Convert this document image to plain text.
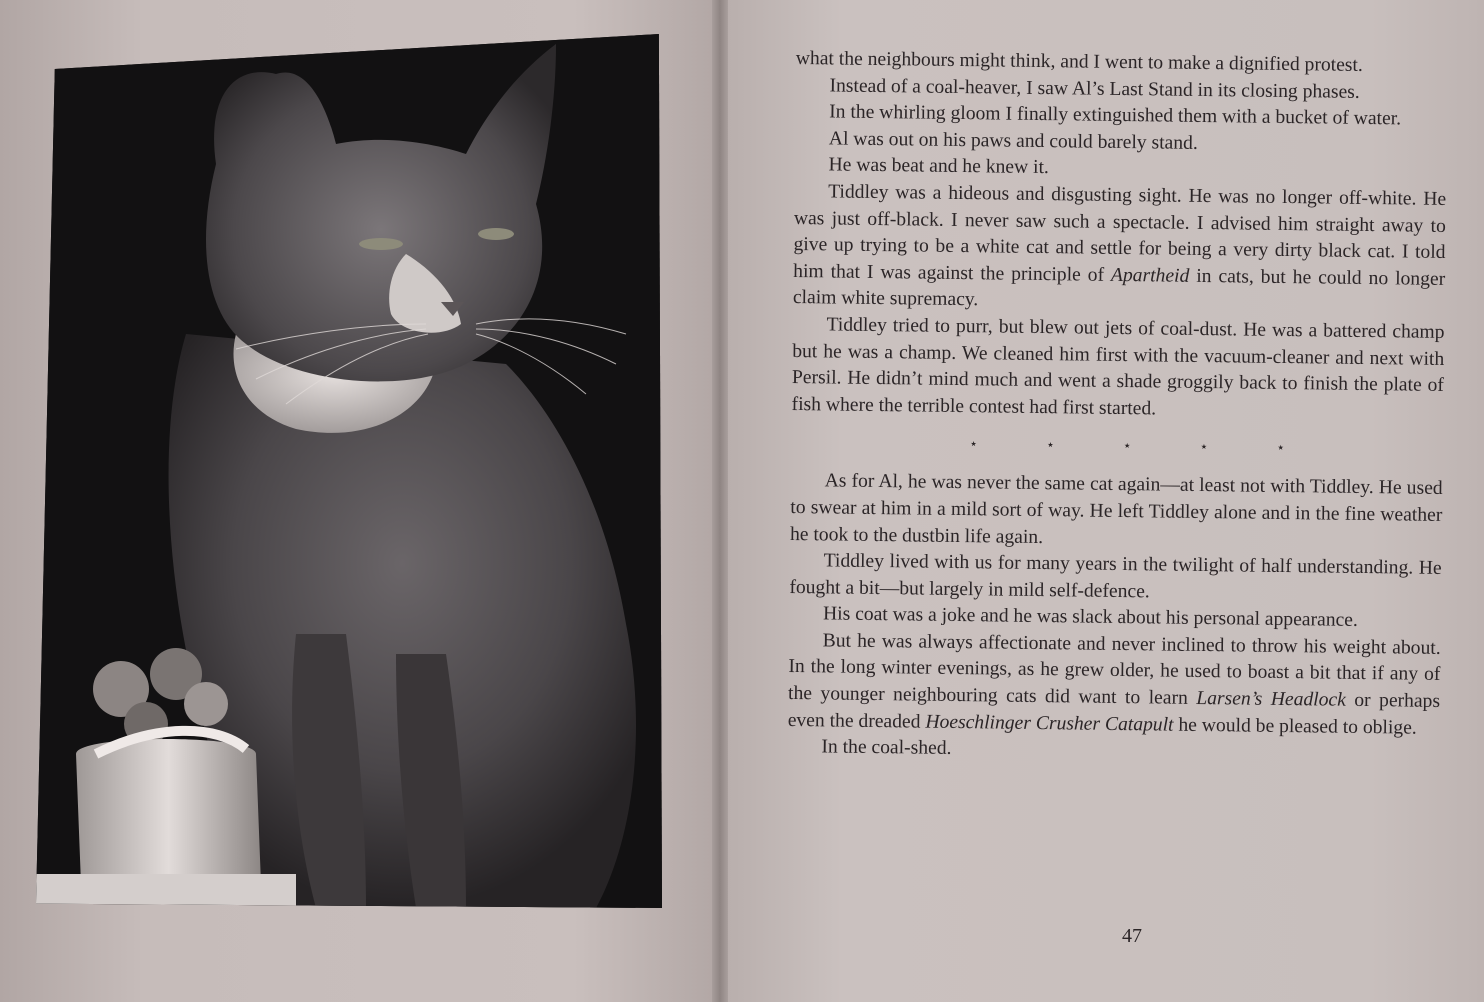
what the neighbours might think, and I went to make a dignified protest.

Instead of a coal-heaver, I saw Al’s Last Stand in its closing phases.

In the whirling gloom I finally extinguished them with a bucket of water.

Al was out on his paws and could barely stand.

He was beat and he knew it.

Tiddley was a hideous and disgusting sight. He was no longer off-white. He was just off-black. I never saw such a spectacle. I advised him straight away to give up trying to be a white cat and settle for being a very dirty black cat. I told him that I was against the principle of Apartheid in cats, but he could no longer claim white supremacy.

Tiddley tried to purr, but blew out jets of coal-dust. He was a battered champ but he was a champ. We cleaned him first with the vacuum-cleaner and next with Persil. He didn’t mind much and went a shade groggily back to finish the plate of fish where the terrible contest had first started.

⋆	⋆	⋆	⋆	⋆

As for Al, he was never the same cat again—at least not with Tiddley. He used to swear at him in a mild sort of way. He left Tiddley alone and in the fine weather he took to the dustbin life again.

Tiddley lived with us for many years in the twilight of half understanding. He fought a bit—but largely in mild self-defence.

His coat was a joke and he was slack about his personal appearance.

But he was always affectionate and never inclined to throw his weight about. In the long winter evenings, as he grew older, he used to boast a bit that if any of the younger neighbouring cats did want to learn Larsen’s Headlock or perhaps even the dreaded Hoeschlinger Crusher Catapult he would be pleased to oblige.

In the coal-shed.

47
